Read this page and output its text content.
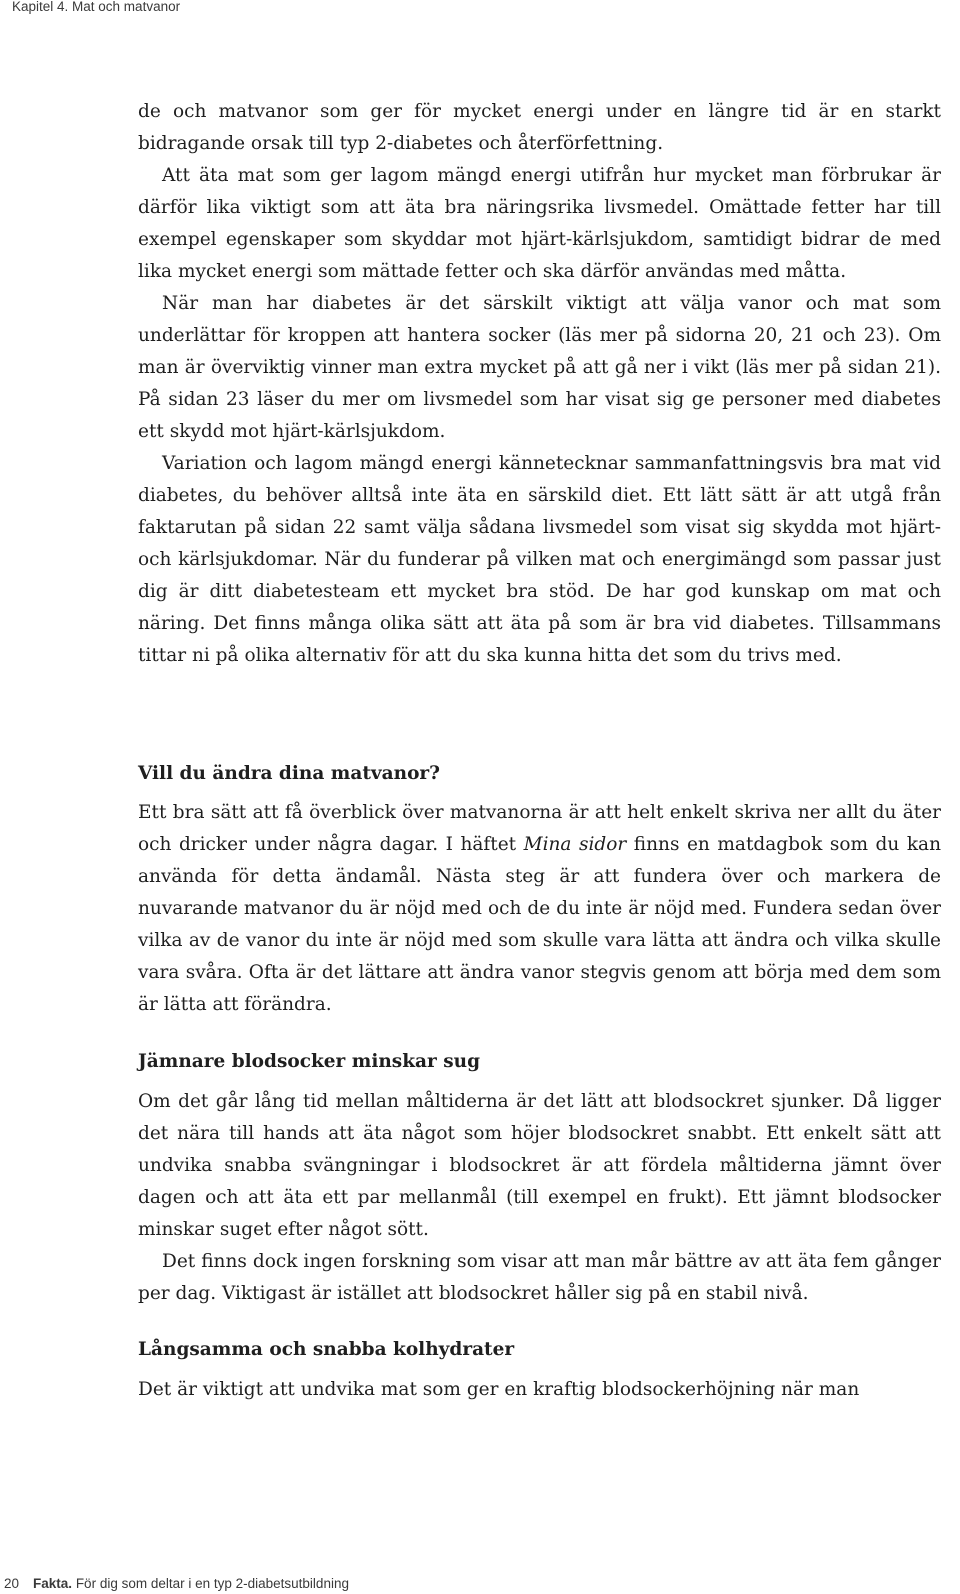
Kapitel 4. Mat och matvanor

de och matvanor som ger för mycket energi under en längre tid är en starkt bidragande orsak till typ 2-diabetes och återförfettning.

Att äta mat som ger lagom mängd energi utifrån hur mycket man förbrukar är därför lika viktigt som att äta bra näringsrika livsmedel. Omättade fetter har till exempel egenskaper som skyddar mot hjärt-kärlsjukdom, samtidigt bidrar de med lika mycket energi som mättade fetter och ska därför användas med måtta.

När man har diabetes är det särskilt viktigt att välja vanor och mat som underlättar för kroppen att hantera socker (läs mer på sidorna 20, 21 och 23). Om man är överviktig vinner man extra mycket på att gå ner i vikt (läs mer på sidan 21). På sidan 23 läser du mer om livsmedel som har visat sig ge personer med diabetes ett skydd mot hjärt-kärlsjukdom.

Variation och lagom mängd energi kännetecknar sammanfattningsvis bra mat vid diabetes, du behöver alltså inte äta en särskild diet. Ett lätt sätt är att utgå från faktarutan på sidan 22 samt välja sådana livsmedel som visat sig skydda mot hjärt- och kärlsjukdomar. När du funderar på vilken mat och energimängd som passar just dig är ditt diabetesteam ett mycket bra stöd. De har god kunskap om mat och näring. Det finns många olika sätt att äta på som är bra vid diabetes. Tillsammans tittar ni på olika alternativ för att du ska kunna hitta det som du trivs med.

Vill du ändra dina matvanor?

Ett bra sätt att få överblick över matvanorna är att helt enkelt skriva ner allt du äter och dricker under några dagar. I häftet Mina sidor finns en matdagbok som du kan använda för detta ändamål. Nästa steg är att fundera över och markera de nuvarande matvanor du är nöjd med och de du inte är nöjd med. Fundera sedan över vilka av de vanor du inte är nöjd med som skulle vara lätta att ändra och vilka skulle vara svåra. Ofta är det lättare att ändra vanor stegvis genom att börja med dem som är lätta att förändra.

Jämnare blodsocker minskar sug

Om det går lång tid mellan måltiderna är det lätt att blodsockret sjunker. Då ligger det nära till hands att äta något som höjer blodsockret snabbt. Ett enkelt sätt att undvika snabba svängningar i blodsockret är att fördela måltiderna jämnt över dagen och att äta ett par mellanmål (till exempel en frukt). Ett jämnt blodsocker minskar suget efter något sött.

Det finns dock ingen forskning som visar att man mår bättre av att äta fem gånger per dag. Viktigast är istället att blodsockret håller sig på en stabil nivå.

Långsamma och snabba kolhydrater

Det är viktigt att undvika mat som ger en kraftig blodsockerhöjning när man

20 Fakta. För dig som deltar i en typ 2-diabetsutbildning
